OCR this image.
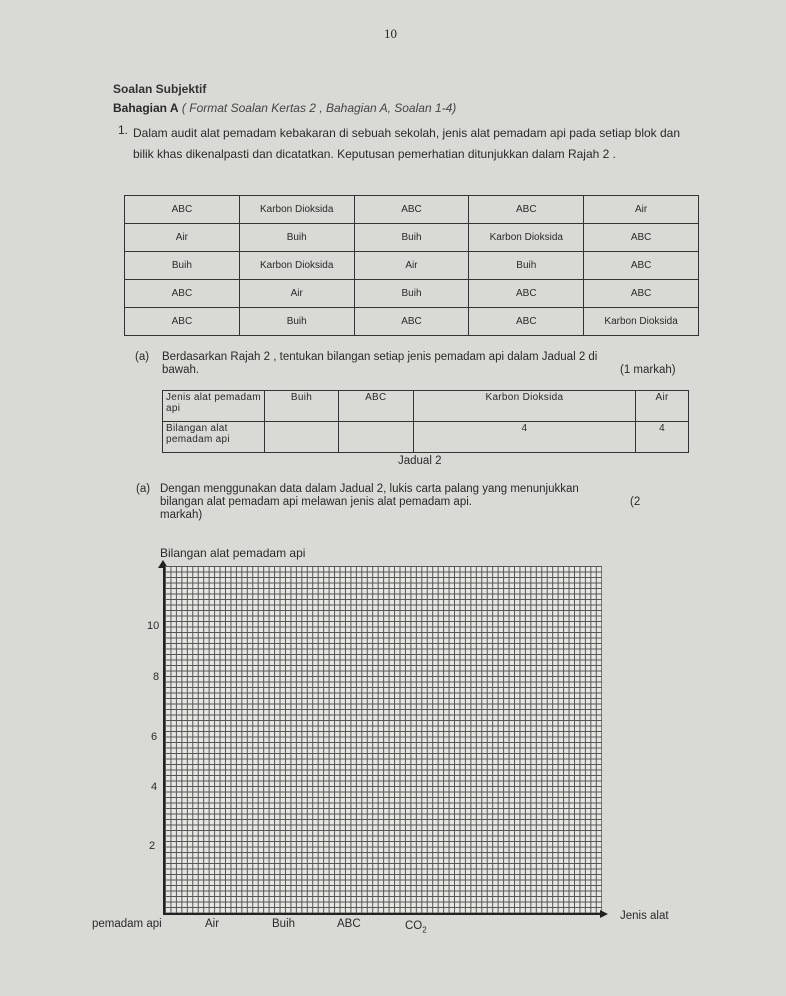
10
Soalan Subjektif
Bahagian A ( Format Soalan Kertas 2 , Bahagian A, Soalan 1-4)
1. Dalam audit alat pemadam kebakaran di sebuah sekolah, jenis alat pemadam api pada setiap blok dan bilik khas dikenalpasti dan dicatatkan. Keputusan pemerhatian ditunjukkan dalam Rajah 2 .
ABC	Karbon Dioksida	ABC	ABC	Air
Air	Buih	Buih	Karbon Dioksida	ABC
Buih	Karbon Dioksida	Air	Buih	ABC
ABC	Air	Buih	ABC	ABC
ABC	Buih	ABC	ABC	Karbon Dioksida
(a) Berdasarkan Rajah 2 , tentukan bilangan setiap jenis pemadam api dalam Jadual 2 di bawah.	(1 markah)
Jenis alat pemadam api	Buih	ABC	Karbon Dioksida	Air
Bilangan alat pemadam api			4	4
Jadual 2
(a) Dengan menggunakan data dalam Jadual 2, lukis carta palang yang menunjukkan bilangan alat pemadam api melawan jenis alat pemadam api.
markah)
(2
Bilangan alat pemadam api
10
8
6
4
2
pemadam api	Air	Buih	ABC	$CO_2$
Jenis alat
